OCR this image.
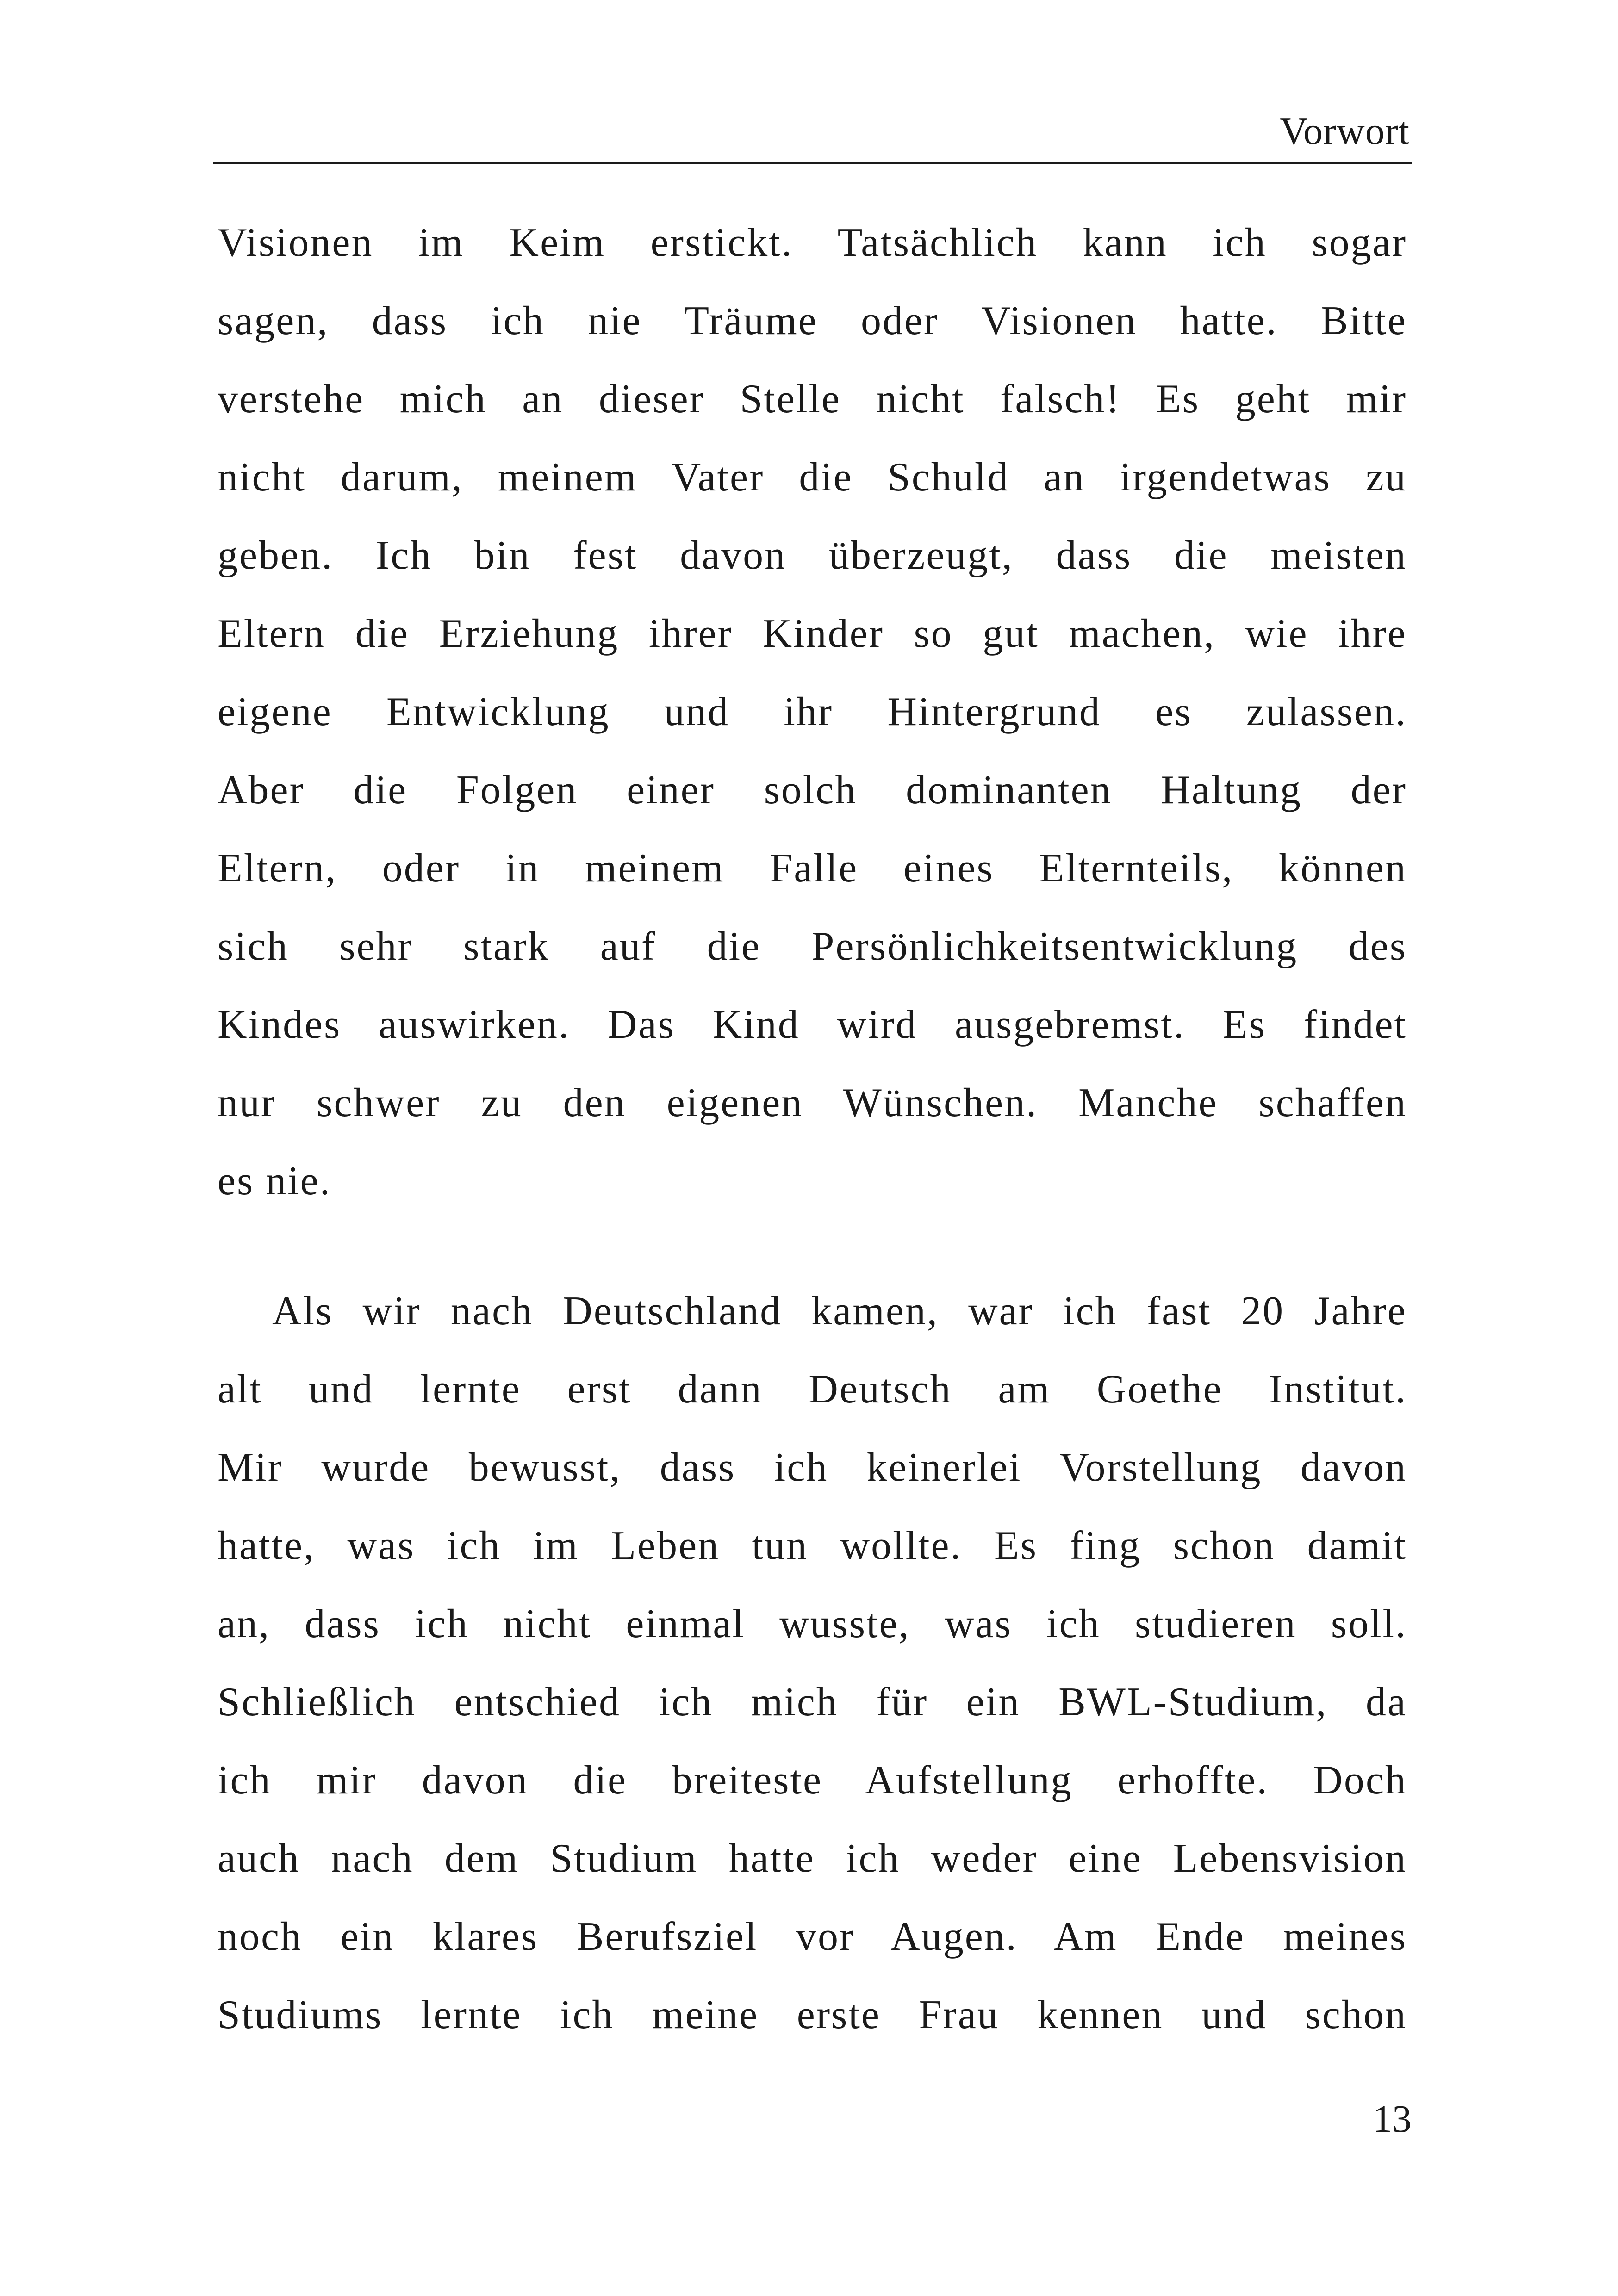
Vorwort
Visionen im Keim erstickt. Tatsächlich kann ich sogar
sagen, dass ich nie Träume oder Visionen hatte. Bitte
verstehe mich an dieser Stelle nicht falsch! Es geht mir
nicht darum, meinem Vater die Schuld an irgendetwas zu
geben. Ich bin fest davon überzeugt, dass die meisten
Eltern die Erziehung ihrer Kinder so gut machen, wie ihre
eigene Entwicklung und ihr Hintergrund es zulassen.
Aber die Folgen einer solch dominanten Haltung der
Eltern, oder in meinem Falle eines Elternteils, können
sich sehr stark auf die Persönlichkeitsentwicklung des
Kindes auswirken. Das Kind wird ausgebremst. Es findet
nur schwer zu den eigenen Wünschen. Manche schaffen
es nie.
Als wir nach Deutschland kamen, war ich fast 20 Jahre
alt und lernte erst dann Deutsch am Goethe Institut.
Mir wurde bewusst, dass ich keinerlei Vorstellung davon
hatte, was ich im Leben tun wollte. Es fing schon damit
an, dass ich nicht einmal wusste, was ich studieren soll.
Schließlich entschied ich mich für ein BWL-Studium, da
ich mir davon die breiteste Aufstellung erhoffte. Doch
auch nach dem Studium hatte ich weder eine Lebensvision
noch ein klares Berufsziel vor Augen. Am Ende meines
Studiums lernte ich meine erste Frau kennen und schon
13
